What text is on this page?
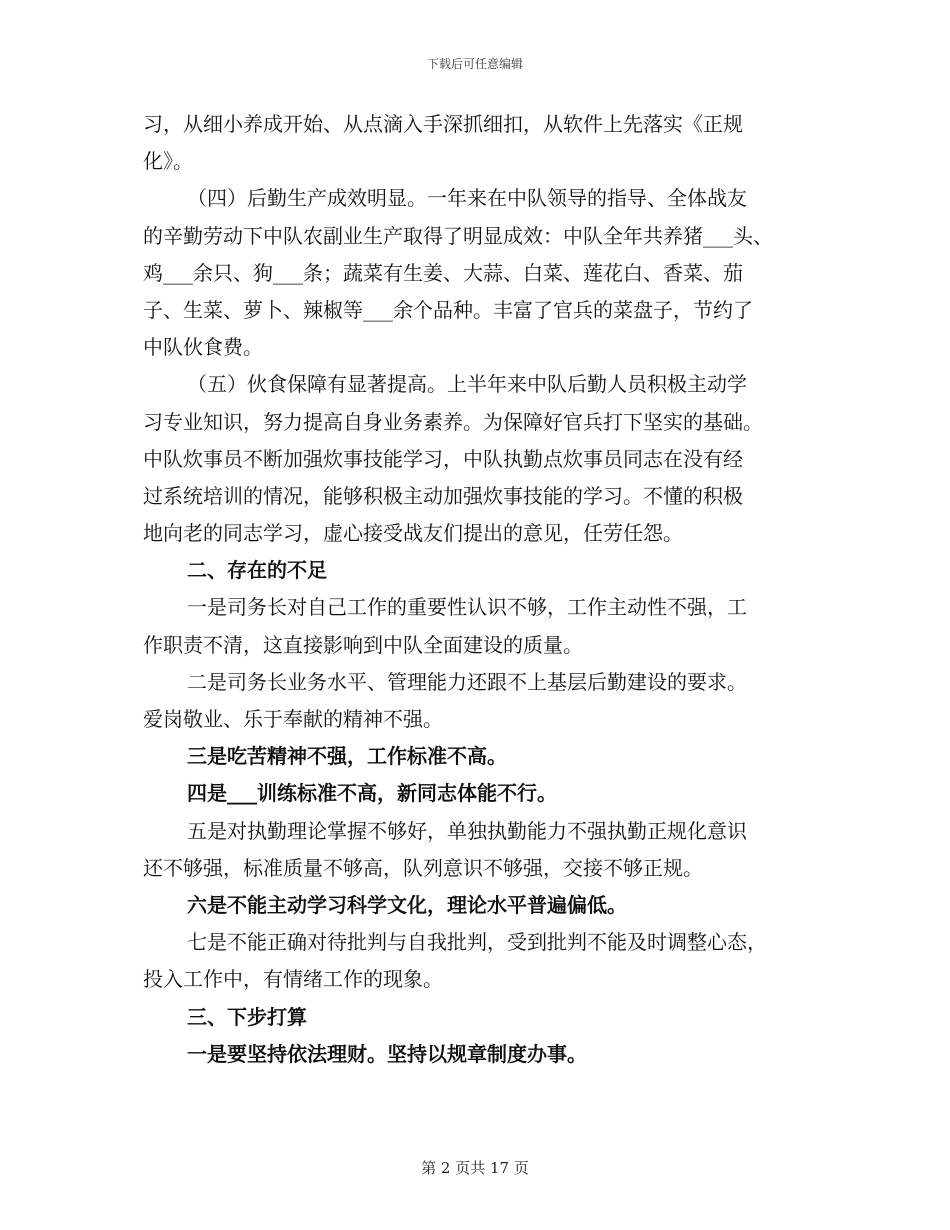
下载后可任意编辑
习，从细小养成开始、从点滴入手深抓细扣，从软件上先落实《正规
化》。
（四）后勤生产成效明显。一年来在中队领导的指导、全体战友
的辛勤劳动下中队农副业生产取得了明显成效：中队全年共养猪___头、
鸡___余只、狗___条；蔬菜有生姜、大蒜、白菜、莲花白、香菜、茄
子、生菜、萝卜、辣椒等___余个品种。丰富了官兵的菜盘子，节约了
中队伙食费。
（五）伙食保障有显著提高。上半年来中队后勤人员积极主动学
习专业知识，努力提高自身业务素养。为保障好官兵打下坚实的基础。
中队炊事员不断加强炊事技能学习，中队执勤点炊事员同志在没有经
过系统培训的情况，能够积极主动加强炊事技能的学习。不懂的积极
地向老的同志学习，虚心接受战友们提出的意见，任劳任怨。
二、存在的不足
一是司务长对自己工作的重要性认识不够，工作主动性不强，工
作职责不清，这直接影响到中队全面建设的质量。
二是司务长业务水平、管理能力还跟不上基层后勤建设的要求。
爱岗敬业、乐于奉献的精神不强。
三是吃苦精神不强，工作标准不高。
四是___训练标准不高，新同志体能不行。
五是对执勤理论掌握不够好，单独执勤能力不强执勤正规化意识
还不够强，标准质量不够高，队列意识不够强，交接不够正规。
六是不能主动学习科学文化，理论水平普遍偏低。
七是不能正确对待批判与自我批判，受到批判不能及时调整心态，
投入工作中，有情绪工作的现象。
三、下步打算
一是要坚持依法理财。坚持以规章制度办事。
第 2 页共 17 页
